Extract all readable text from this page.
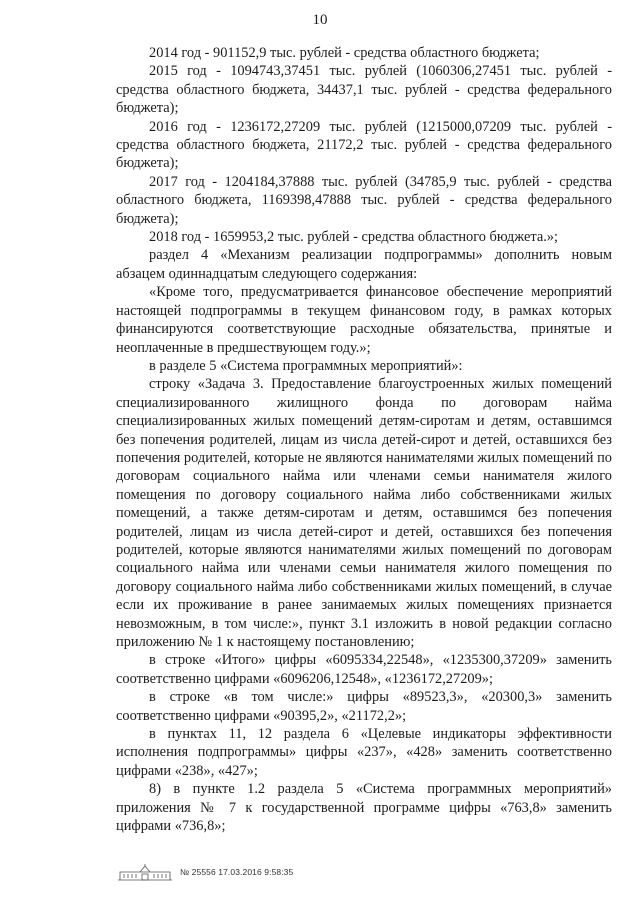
10

2014 год - 901152,9 тыс. рублей - средства областного бюджета;

2015 год - 1094743,37451 тыс. рублей (1060306,27451 тыс. рублей - средства областного бюджета, 34437,1 тыс. рублей - средства федерального бюджета);

2016 год - 1236172,27209 тыс. рублей (1215000,07209 тыс. рублей - средства областного бюджета, 21172,2 тыс. рублей - средства федерального бюджета);

2017 год - 1204184,37888 тыс. рублей (34785,9 тыс. рублей - средства областного бюджета, 1169398,47888 тыс. рублей - средства федерального бюджета);

2018 год - 1659953,2 тыс. рублей - средства областного бюджета.»;

раздел 4 «Механизм реализации подпрограммы» дополнить новым абзацем одиннадцатым следующего содержания:

«Кроме того, предусматривается финансовое обеспечение мероприятий настоящей подпрограммы в текущем финансовом году, в рамках которых финансируются соответствующие расходные обязательства, принятые и неоплаченные в предшествующем году.»;

в разделе 5 «Система программных мероприятий»:

строку «Задача 3. Предоставление благоустроенных жилых помещений специализированного жилищного фонда по договорам найма специализированных жилых помещений детям-сиротам и детям, оставшимся без попечения родителей, лицам из числа детей-сирот и детей, оставшихся без попечения родителей, которые не являются нанимателями жилых помещений по договорам социального найма или членами семьи нанимателя жилого помещения по договору социального найма либо собственниками жилых помещений, а также детям-сиротам и детям, оставшимся без попечения родителей, лицам из числа детей-сирот и детей, оставшихся без попечения родителей, которые являются нанимателями жилых помещений по договорам социального найма или членами семьи нанимателя жилого помещения по договору социального найма либо собственниками жилых помещений, в случае если их проживание в ранее занимаемых жилых помещениях признается невозможным, в том числе:», пункт 3.1 изложить в новой редакции согласно приложению № 1 к настоящему постановлению;

в строке «Итого» цифры «6095334,22548», «1235300,37209» заменить соответственно цифрами «6096206,12548», «1236172,27209»;

в строке «в том числе:» цифры «89523,3», «20300,3» заменить соответственно цифрами «90395,2», «21172,2»;

в пунктах 11, 12 раздела 6 «Целевые индикаторы эффективности исполнения подпрограммы» цифры «237», «428» заменить соответственно цифрами «238», «427»;

8) в пункте 1.2 раздела 5 «Система программных мероприятий» приложения № 7 к государственной программе цифры «763,8» заменить цифрами «736,8»;

№ 25556 17.03.2016 9:58:35
